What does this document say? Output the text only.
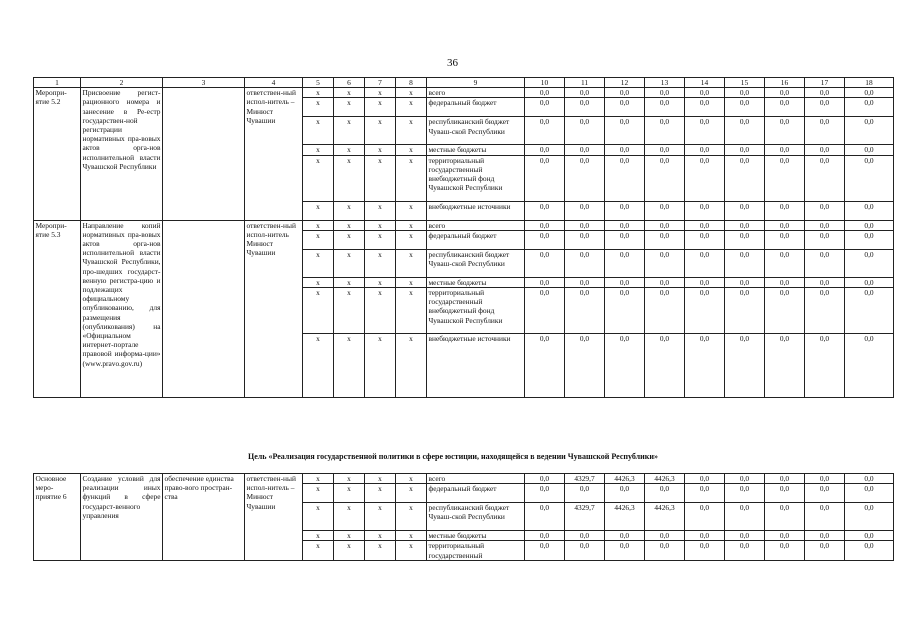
36
1	2	3	4	5	6	7	8	9	10	11	12	13	14	15	16	17	18
Меропри-ятие 5.2	Присвоение регист-рационного номера и занесение в Ре-естр государствен-ной регистрации нормативных пра-вовых актов орга-нов исполнительной власти Чувашской Республики		ответствен-ный испол-нитель – Минюст Чувашии	x	x	x	x	всего	0,0	0,0	0,0	0,0	0,0	0,0	0,0	0,0	0,0
				x	x	x	x	федеральный бюджет	0,0	0,0	0,0	0,0	0,0	0,0	0,0	0,0	0,0
				x	x	x	x	республиканский бюджет Чуваш-ской Республики	0,0	0,0	0,0	0,0	0,0	0,0	0,0	0,0	0,0
				x	x	x	x	местные бюджеты	0,0	0,0	0,0	0,0	0,0	0,0	0,0	0,0	0,0
				x	x	x	x	территориальный государственный внебюджетный фонд Чувашской Республики	0,0	0,0	0,0	0,0	0,0	0,0	0,0	0,0	0,0
				x	x	x	x	внебюджетные источники	0,0	0,0	0,0	0,0	0,0	0,0	0,0	0,0	0,0
Меропри-ятие 5.3	Направление копий нормативных пра-вовых актов орга-нов исполнительной власти Чувашской Республики, про-шедших государст-венную регистра-цию и подлежащих официальному опубликованию, для размещения (опубликования) на «Официальном интернет-портале правовой информа-ции» (www.pravo.gov.ru)		ответствен-ный испол-нитель Минюст Чувашии	x	x	x	x	всего	0,0	0,0	0,0	0,0	0,0	0,0	0,0	0,0	0,0
				x	x	x	x	федеральный бюджет	0,0	0,0	0,0	0,0	0,0	0,0	0,0	0,0	0,0
				x	x	x	x	республиканский бюджет Чуваш-ской Республики	0,0	0,0	0,0	0,0	0,0	0,0	0,0	0,0	0,0
				x	x	x	x	местные бюджеты	0,0	0,0	0,0	0,0	0,0	0,0	0,0	0,0	0,0
				x	x	x	x	территориальный государственный внебюджетный фонд Чувашской Республики	0,0	0,0	0,0	0,0	0,0	0,0	0,0	0,0	0,0
				x	x	x	x	внебюджетные источники	0,0	0,0	0,0	0,0	0,0	0,0	0,0	0,0	0,0
Цель «Реализация государственной политики в сфере юстиции, находящейся в ведении Чувашской Республики»
Основное меро-приятие 6	Создание условий для реализации иных функций в сфере государст-венного управления	обеспечение единства право-вого простран-ства	ответствен-ный испол-нитель – Минюст Чувашии	x	x	x	x	всего	0,0	4329,7	4426,3	4426,3	0,0	0,0	0,0	0,0	0,0
				x	x	x	x	федеральный бюджет	0,0	0,0	0,0	0,0	0,0	0,0	0,0	0,0	0,0
				x	x	x	x	республиканский бюджет Чуваш-ской Республики	0,0	4329,7	4426,3	4426,3	0,0	0,0	0,0	0,0	0,0
				x	x	x	x	местные бюджеты	0,0	0,0	0,0	0,0	0,0	0,0	0,0	0,0	0,0
				x	x	x	x	территориальный государственный	0,0	0,0	0,0	0,0	0,0	0,0	0,0	0,0	0,0
